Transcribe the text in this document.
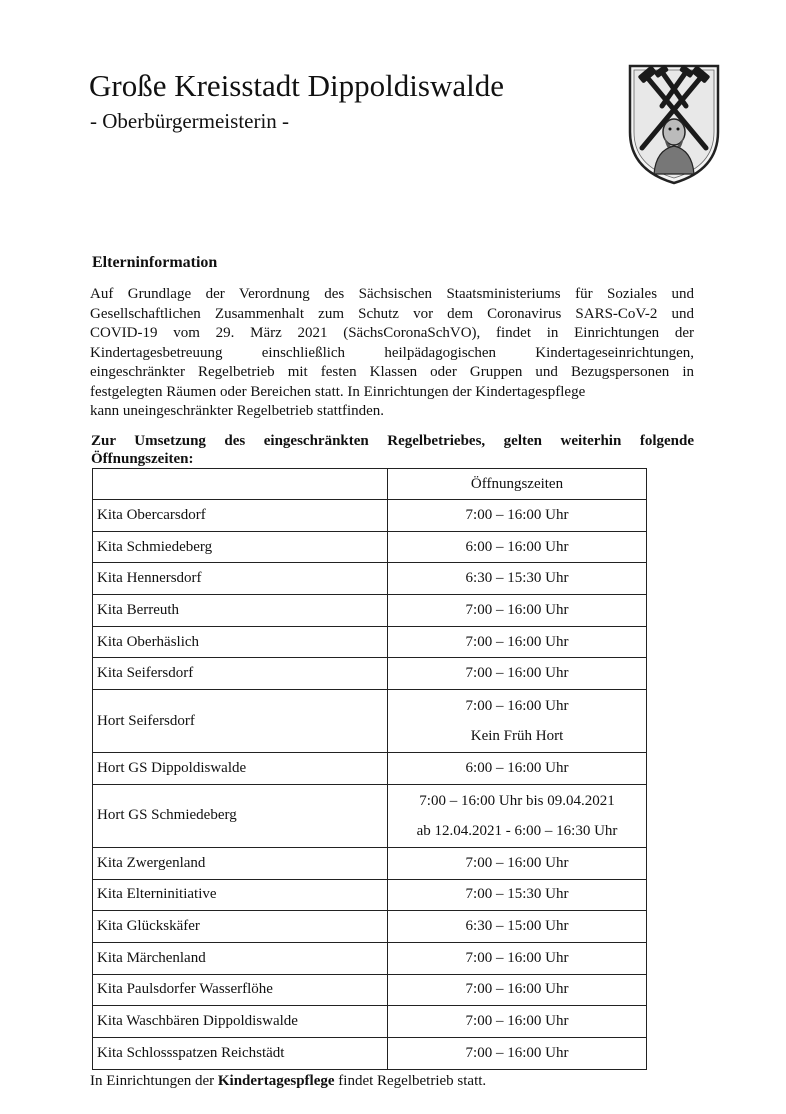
Große Kreisstadt Dippoldiswalde
- Oberbürgermeisterin -
Elterninformation
Auf Grundlage der Verordnung des Sächsischen Staatsministeriums für Soziales und
Gesellschaftlichen Zusammenhalt zum Schutz vor dem Coronavirus SARS-CoV-2 und
COVID-19 vom 29. März 2021 (SächsCoronaSchVO), findet in Einrichtungen der
Kindertagesbetreuung einschließlich heilpädagogischen Kindertageseinrichtungen,
eingeschränkter Regelbetrieb mit festen Klassen oder Gruppen und Bezugspersonen in
festgelegten Räumen oder Bereichen statt. In Einrichtungen der Kindertagespflege
kann uneingeschränkter Regelbetrieb stattfinden.
Zur Umsetzung des eingeschränkten Regelbetriebes, gelten weiterhin folgende
Öffnungszeiten:
	Öffnungszeiten
Kita Obercarsdorf	7:00 – 16:00 Uhr
Kita Schmiedeberg	6:00 – 16:00 Uhr
Kita Hennersdorf	6:30 – 15:30 Uhr
Kita Berreuth	7:00 – 16:00 Uhr
Kita Oberhäslich	7:00 – 16:00 Uhr
Kita Seifersdorf	7:00 – 16:00 Uhr
Hort Seifersdorf	7:00 – 16:00 Uhr
Kein Früh Hort

Hort GS Dippoldiswalde	6:00 – 16:00 Uhr
Hort GS Schmiedeberg	7:00 – 16:00 Uhr bis 09.04.2021
ab 12.04.2021 - 6:00 – 16:30 Uhr

Kita Zwergenland	7:00 – 16:00 Uhr
Kita Elterninitiative	7:00 – 15:30 Uhr
Kita Glückskäfer	6:30 – 15:00 Uhr
Kita Märchenland	7:00 – 16:00 Uhr
Kita Paulsdorfer Wasserflöhe	7:00 – 16:00 Uhr
Kita Waschbären Dippoldiswalde	7:00 – 16:00 Uhr
Kita Schlossspatzen Reichstädt	7:00 – 16:00 Uhr
In Einrichtungen der Kindertagespflege findet Regelbetrieb statt.
